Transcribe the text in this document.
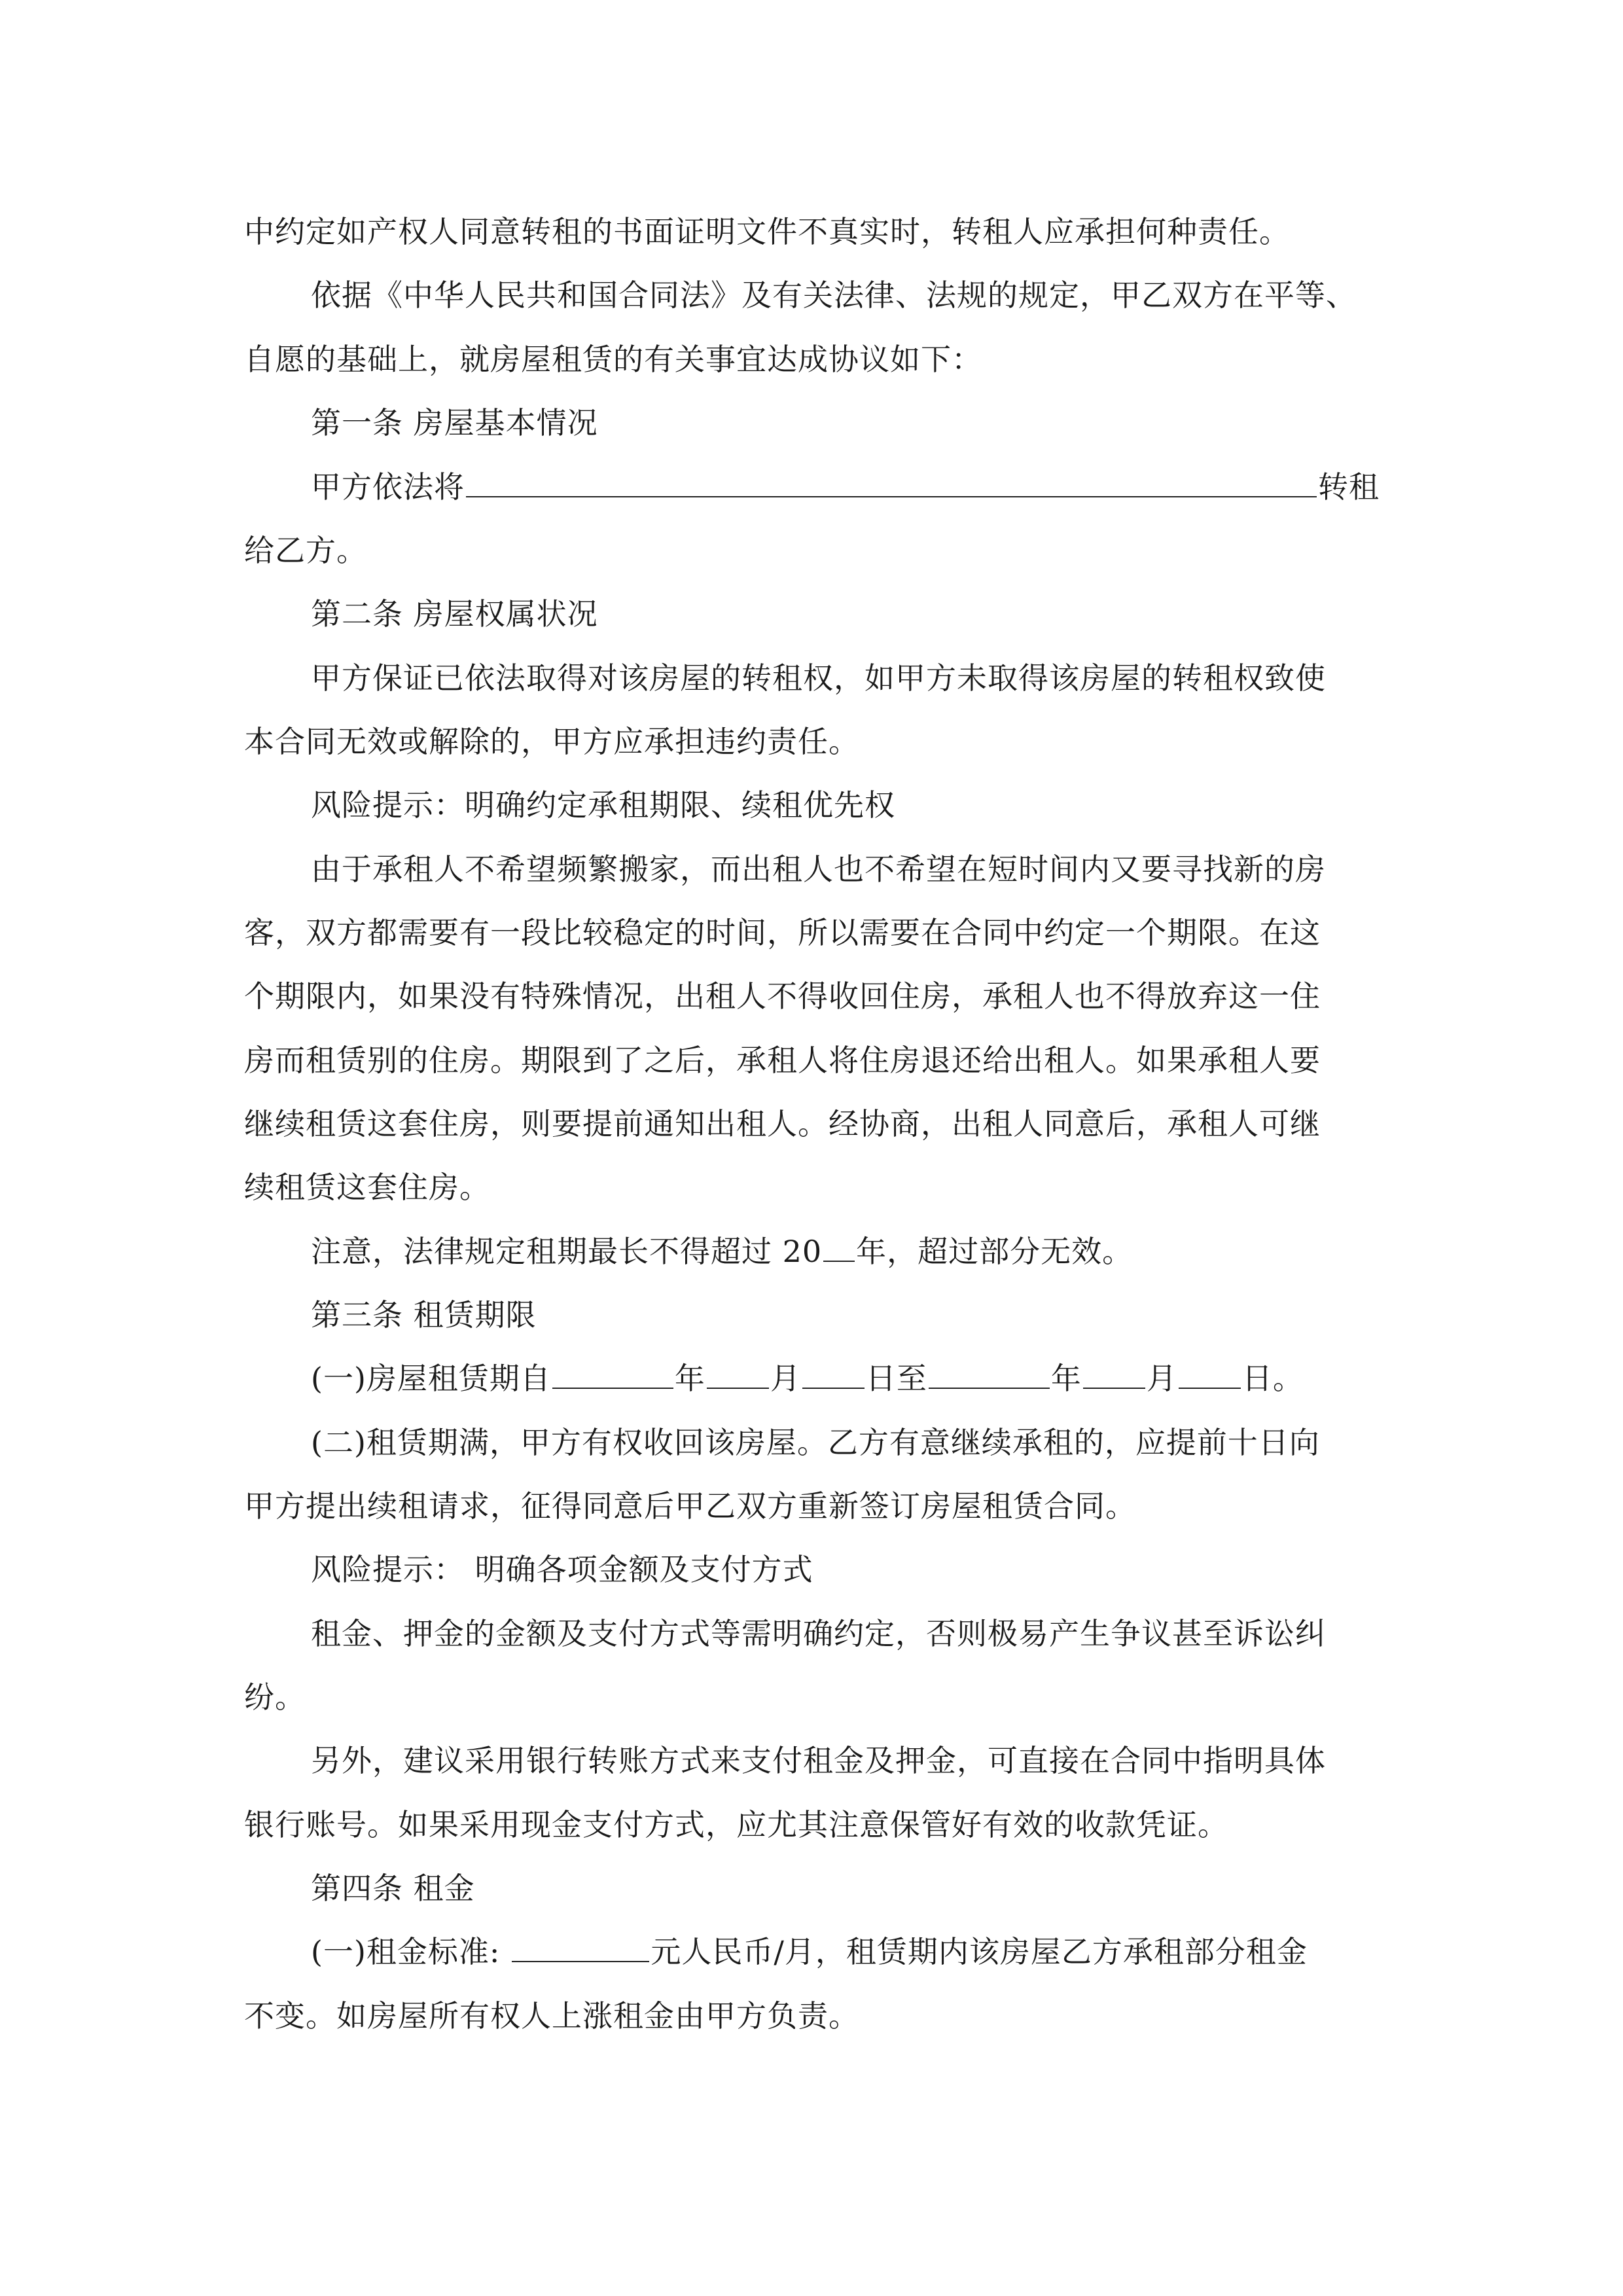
中约定如产权人同意转租的书面证明文件不真实时，转租人应承担何种责任。
依据《中华人民共和国合同法》及有关法律、法规的规定，甲乙双方在平等、
自愿的基础上，就房屋租赁的有关事宜达成协议如下：
第一条 房屋基本情况
甲方依法将	转租
给乙方。
第二条 房屋权属状况
甲方保证已依法取得对该房屋的转租权，如甲方未取得该房屋的转租权致使
本合同无效或解除的，甲方应承担违约责任。
风险提示：明确约定承租期限、续租优先权
由于承租人不希望频繁搬家，而出租人也不希望在短时间内又要寻找新的房
客，双方都需要有一段比较稳定的时间，所以需要在合同中约定一个期限。在这
个期限内，如果没有特殊情况，出租人不得收回住房，承租人也不得放弃这一住
房而租赁别的住房。期限到了之后，承租人将住房退还给出租人。如果承租人要
继续租赁这套住房，则要提前通知出租人。经协商，出租人同意后，承租人可继
续租赁这套住房。
注意，法律规定租期最长不得超过 20 年，超过部分无效。
第三条 租赁期限
(一)房屋租赁期自	年 月 日至	年 月 日。
(二)租赁期满，甲方有权收回该房屋。乙方有意继续承租的，应提前十日向
甲方提出续租请求，征得同意后甲乙双方重新签订房屋租赁合同。
风险提示： 明确各项金额及支付方式
租金、押金的金额及支付方式等需明确约定，否则极易产生争议甚至诉讼纠
纷。
另外，建议采用银行转账方式来支付租金及押金，可直接在合同中指明具体
银行账号。如果采用现金支付方式，应尤其注意保管好有效的收款凭证。
第四条 租金
(一)租金标准:	元人民币/月，租赁期内该房屋乙方承租部分租金
不变。如房屋所有权人上涨租金由甲方负责。
